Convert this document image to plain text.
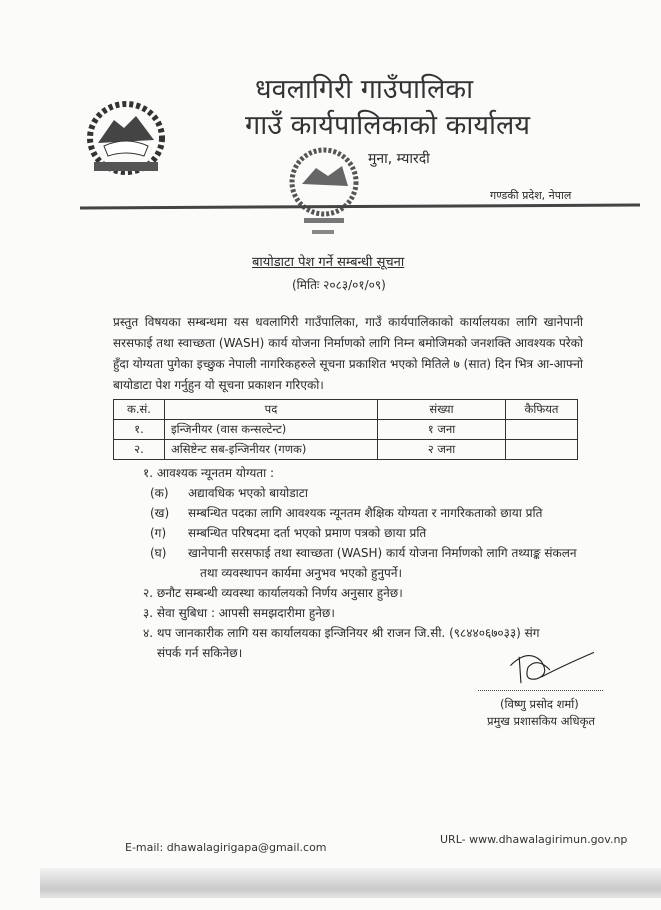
धवलागिरी गाउँपालिका
गाउँ कार्यपालिकाको कार्यालय
मुना, म्यारदी
गण्डकी प्रदेश, नेपाल
बायोडाटा पेश गर्ने सम्बन्धी सूचना
(मितिः २०८३/०१/०९)
प्रस्तुत विषयका सम्बन्धमा यस धवलागिरी गाउँपालिका, गाउँ कार्यपालिकाको कार्यालयका लागि खानेपानी सरसफाई तथा स्वाच्छता (WASH) कार्य योजना निर्माणको लागि निम्न बमोजिमको जनशक्ति आवश्यक परेको हुँदा योग्यता पुगेका इच्छुक नेपाली नागरिकहरुले सूचना प्रकाशित भएको मितिले ७ (सात) दिन भित्र आ-आफ्नो बायोडाटा पेश गर्नुहुन यो सूचना प्रकाशन गरिएको।
क.सं.	पद	संख्या	कैफियत
१.	इन्जिनीयर (वास कन्सल्टेन्ट)	१ जना	
२.	असिष्टेन्ट सब-इन्जिनीयर (गणक)	२ जना	
१. आवश्यक न्यूनतम योग्यता :
(क)	अद्यावधिक भएको बायोडाटा
(ख)	सम्बन्धित पदका लागि आवश्यक न्यूनतम शैक्षिक योग्यता र नागरिकताको छाया प्रति
(ग)	सम्बन्धित परिषदमा दर्ता भएको प्रमाण पत्रको छाया प्रति
(घ)	खानेपानी सरसफाई तथा स्वाच्छता (WASH) कार्य योजना निर्माणको लागि तथ्याङ्क संकलन
तथा व्यवस्थापन कार्यमा अनुभव भएको हुनुपर्ने।
२. छनौट सम्बन्धी व्यवस्था कार्यालयको निर्णय अनुसार हुनेछ।
३. सेवा सुबिधा : आपसी समझदारीमा हुनेछ।
४. थप जानकारीक लागि यस कार्यालयका इन्जिनियर श्री राजन जि.सी. (९८४४०६७०३३) संग
संपर्क गर्न सकिनेछ।
(विष्णु प्रसोद शर्मा)
प्रमुख प्रशासकिय अधिकृत
E-mail: dhawalagirigapa@gmail.com
URL- www.dhawalagirimun.gov.np
